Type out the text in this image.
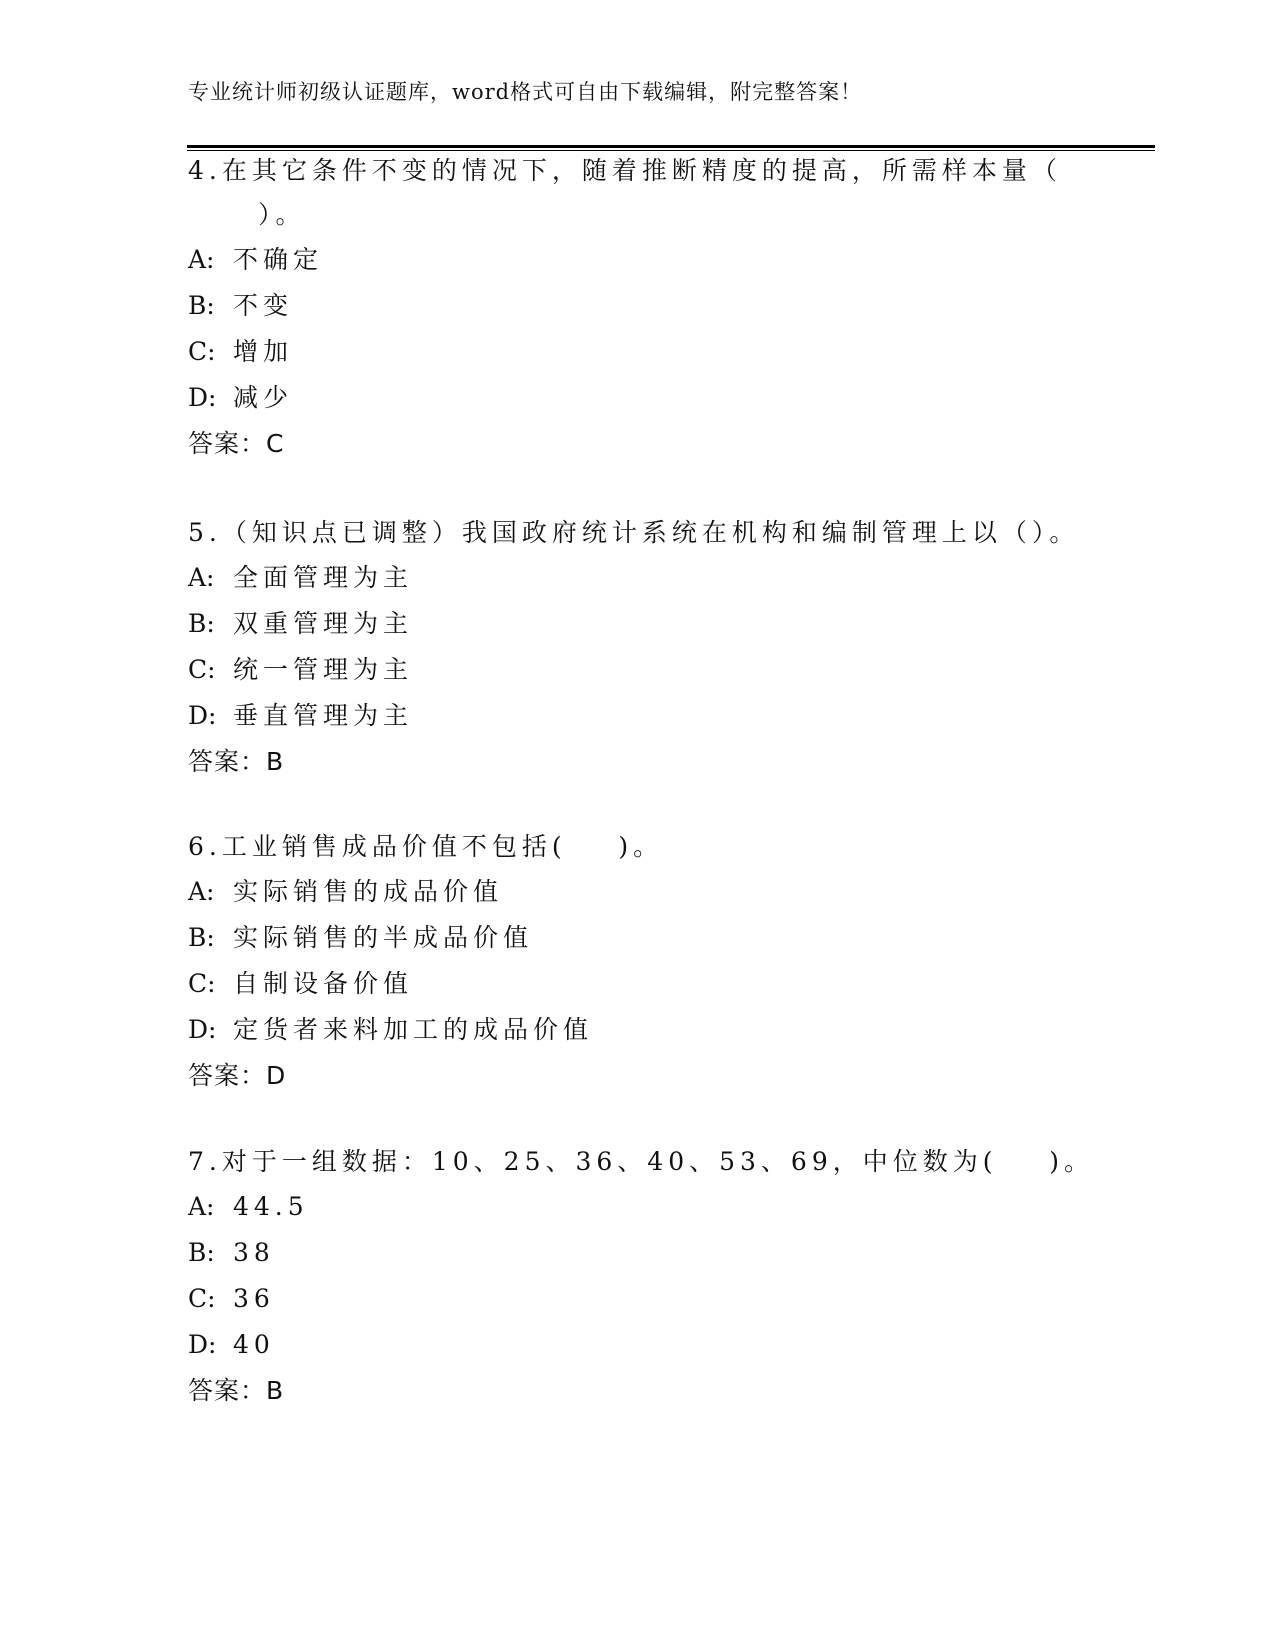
专业统计师初级认证题库，word格式可自由下载编辑，附完整答案！
4.在其它条件不变的情况下，随着推断精度的提高，所需样本量（
）。
A: 不确定
B: 不变
C: 增加
D: 减少
答案：C
5.（知识点已调整）我国政府统计系统在机构和编制管理上以（）。
A: 全面管理为主
B: 双重管理为主
C: 统一管理为主
D: 垂直管理为主
答案：B
6.工业销售成品价值不包括(    )。
A: 实际销售的成品价值
B: 实际销售的半成品价值
C: 自制设备价值
D: 定货者来料加工的成品价值
答案：D
7.对于一组数据：10、25、36、40、53、69，中位数为(    )。
A: 44.5
B: 38
C: 36
D: 40
答案：B
